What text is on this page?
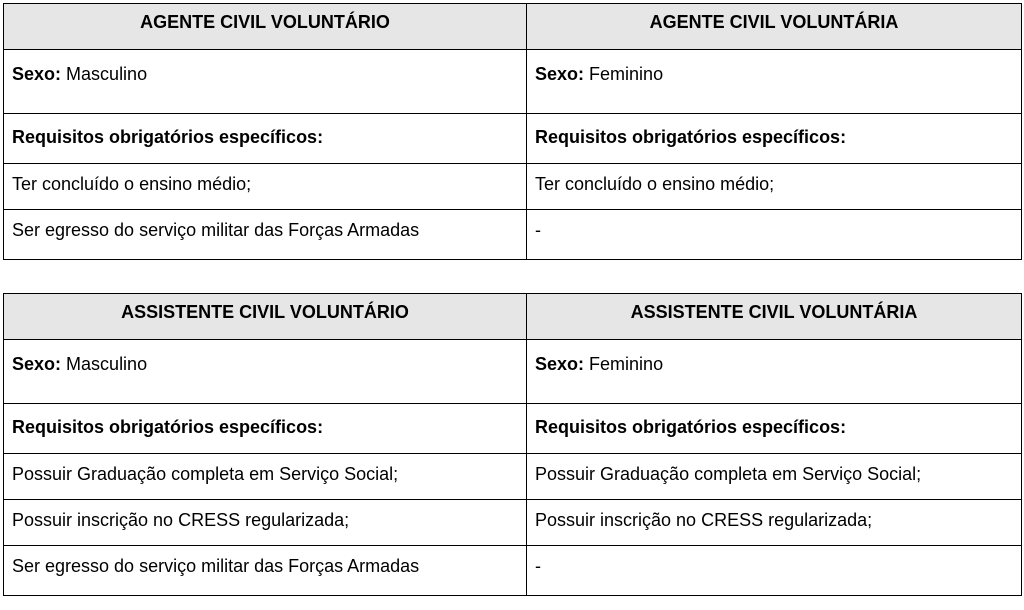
AGENTE CIVIL VOLUNTÁRIO	AGENTE CIVIL VOLUNTÁRIA
Sexo: Masculino	Sexo: Feminino
Requisitos obrigatórios específicos:	Requisitos obrigatórios específicos:
Ter concluído o ensino médio;	Ter concluído o ensino médio;
Ser egresso do serviço militar das Forças Armadas	-
ASSISTENTE CIVIL VOLUNTÁRIO	ASSISTENTE CIVIL VOLUNTÁRIA
Sexo: Masculino	Sexo: Feminino
Requisitos obrigatórios específicos:	Requisitos obrigatórios específicos:
Possuir Graduação completa em Serviço Social;	Possuir Graduação completa em Serviço Social;
Possuir inscrição no CRESS regularizada;	Possuir inscrição no CRESS regularizada;
Ser egresso do serviço militar das Forças Armadas	-
